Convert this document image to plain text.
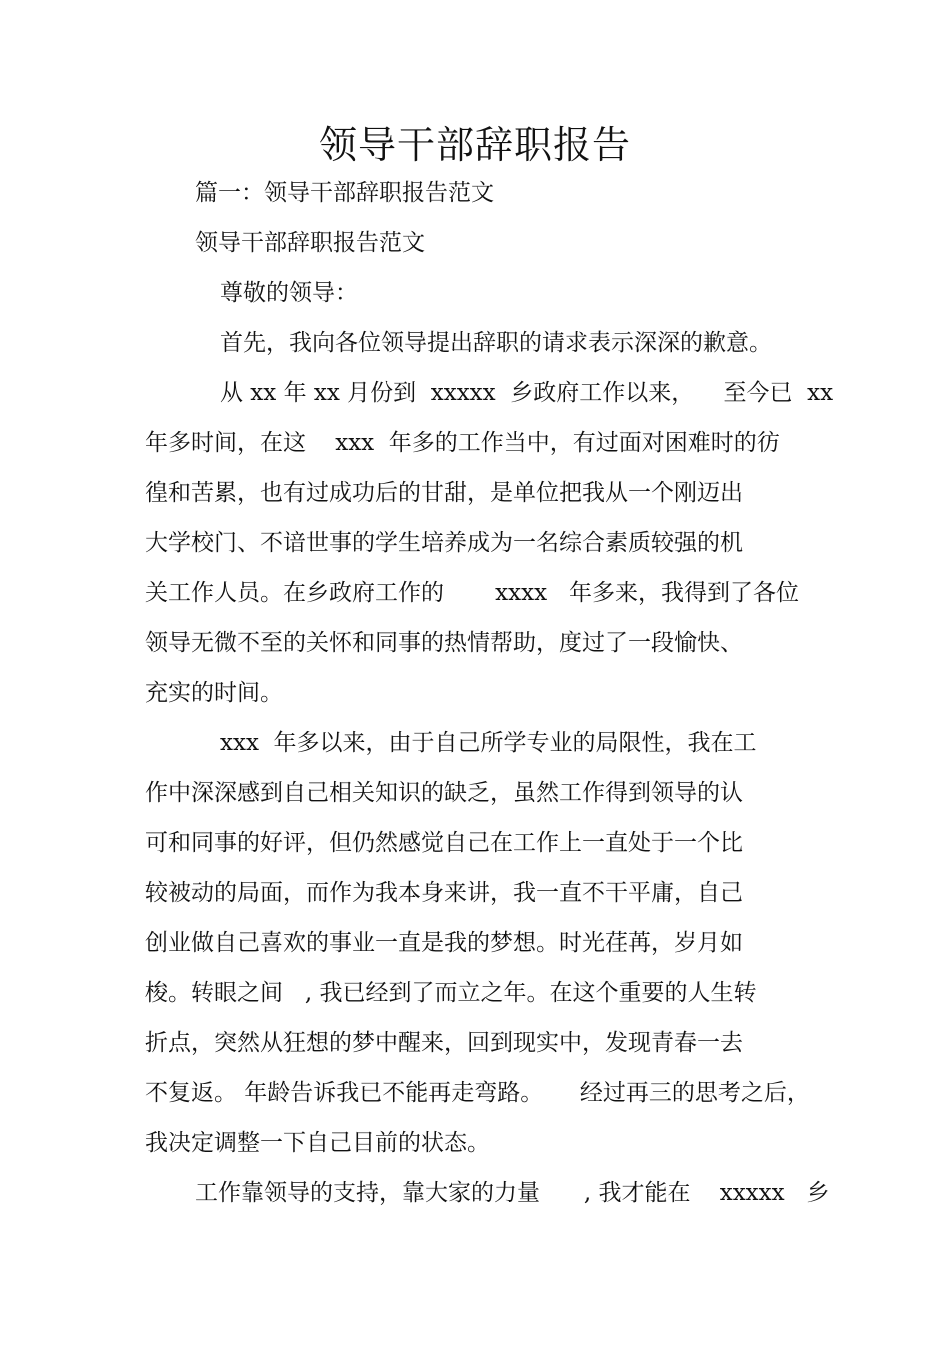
领导干部辞职报告
篇一：领导干部辞职报告范文
领导干部辞职报告范文
尊敬的领导：
首先，我向各位领导提出辞职的请求表示深深的歉意。
从 xx 年 xx 月份到  xxxxx  乡政府工作以来，    至今已  xx
年多时间，在这    xxx  年多的工作当中，有过面对困难时的彷
徨和苦累，也有过成功后的甘甜，是单位把我从一个刚迈出
大学校门、不谙世事的学生培养成为一名综合素质较强的机
关工作人员。在乡政府工作的       xxxx   年多来，我得到了各位
领导无微不至的关怀和同事的热情帮助，度过了一段愉快、
充实的时间。
xxx  年多以来，由于自己所学专业的局限性，我在工
作中深深感到自己相关知识的缺乏，虽然工作得到领导的认
可和同事的好评，但仍然感觉自己在工作上一直处于一个比
较被动的局面，而作为我本身来讲，我一直不干平庸，自己
创业做自己喜欢的事业一直是我的梦想。时光荏苒，岁月如
梭。转眼之间   , 我已经到了而立之年。在这个重要的人生转
折点，突然从狂想的梦中醒来，回到现实中，发现青春一去
不复返。 年龄告诉我已不能再走弯路。     经过再三的思考之后，
我决定调整一下自己目前的状态。
工作靠领导的支持，靠大家的力量      , 我才能在    xxxxx   乡
